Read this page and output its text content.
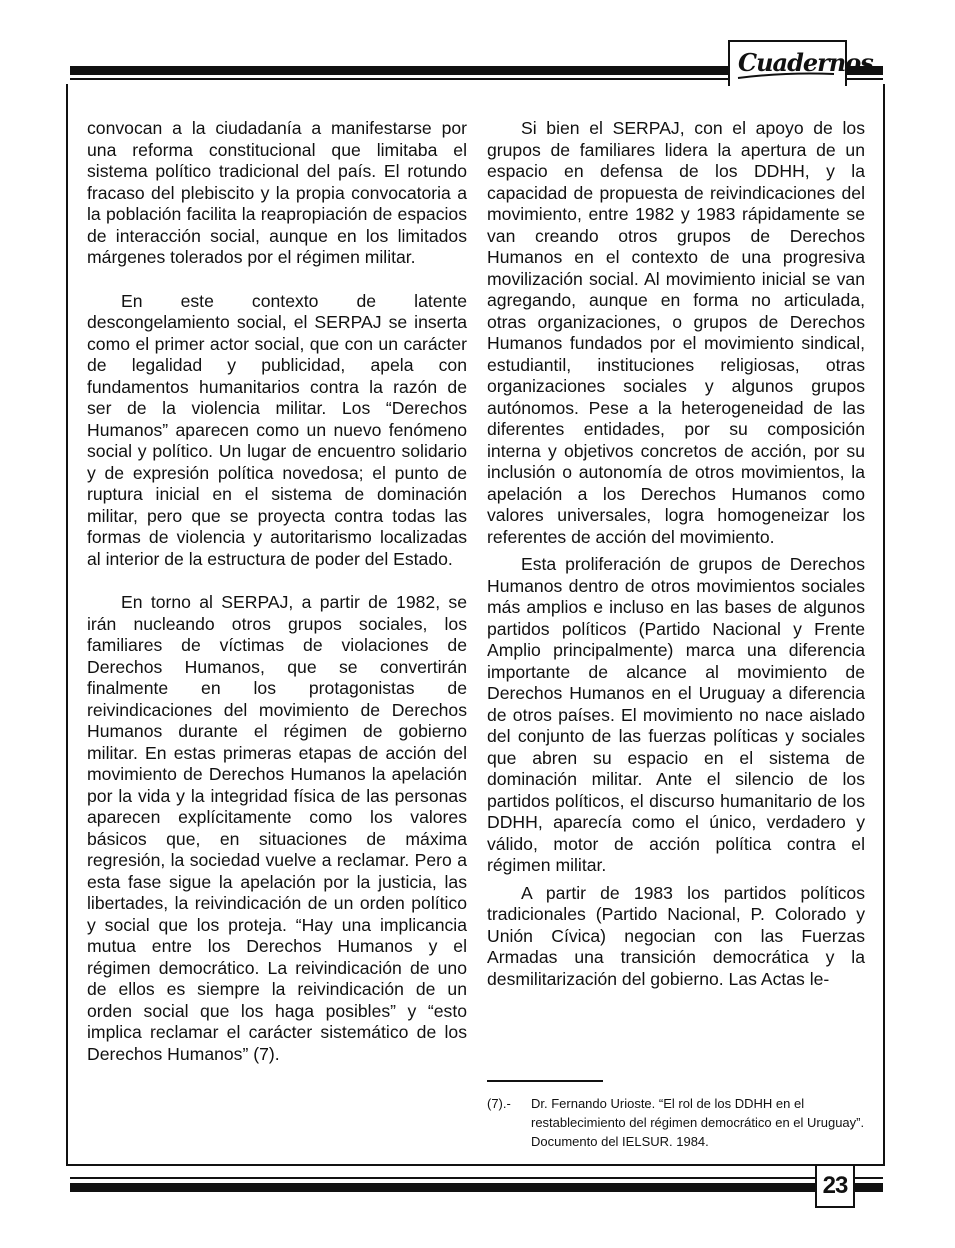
Cuadernos

convocan a la ciudadanía a manifestarse por una reforma constitucional que limitaba el sistema político tradicional del país. El rotundo fracaso del plebiscito y la propia convocatoria a la población facilita la reapropiación de espacios de interacción social, aunque en los limitados márgenes tolerados por el régimen militar.

En este contexto de latente descongelamiento social, el SERPAJ se inserta como el primer actor social, que con un carácter de legalidad y publicidad, apela con fundamentos humanitarios contra la razón de ser de la violencia militar. Los “Derechos Humanos” aparecen como un nuevo fenómeno social y político. Un lugar de encuentro solidario y de expresión política novedosa; el punto de ruptura inicial en el sistema de dominación militar, pero que se proyecta contra todas las formas de violencia y autoritarismo localizadas al interior de la estructura de poder del Estado.

En torno al SERPAJ, a partir de 1982, se irán nucleando otros grupos sociales, los familiares de víctimas de violaciones de Derechos Humanos, que se convertirán finalmente en los protagonistas de reivindicaciones del movimiento de Derechos Humanos durante el régimen de gobierno militar. En estas primeras etapas de acción del movimiento de Derechos Humanos la apelación por la vida y la integridad física de las personas aparecen explícitamente como los valores básicos que, en situaciones de máxima regresión, la sociedad vuelve a reclamar. Pero a esta fase sigue la apelación por la justicia, las libertades, la reivindicación de un orden político y social que los proteja. “Hay una implicancia mutua entre los Derechos Humanos y el régimen democrático. La reivindicación de uno de ellos es siempre la reivindicación de un orden social que los haga posibles” y “esto implica reclamar el carácter sistemático de los Derechos Humanos” (7).

Si bien el SERPAJ, con el apoyo de los grupos de familiares lidera la apertura de un espacio en defensa de los DDHH, y la capacidad de propuesta de reivindicaciones del movimiento, entre 1982 y 1983 rápidamente se van creando otros grupos de Derechos Humanos en el contexto de una progresiva movilización social. Al movimiento inicial se van agregando, aunque en forma no articulada, otras organizaciones, o grupos de Derechos Humanos fundados por el movimiento sindical, estudiantil, instituciones religiosas, otras organizaciones sociales y algunos grupos autónomos. Pese a la heterogeneidad de las diferentes entidades, por su composición interna y objetivos concretos de acción, por su inclusión o autonomía de otros movimientos, la apelación a los Derechos Humanos como valores universales, logra homogeneizar los referentes de acción del movimiento.

Esta proliferación de grupos de Derechos Humanos dentro de otros movimientos sociales más amplios e incluso en las bases de algunos partidos políticos (Partido Nacional y Frente Amplio principalmente) marca una diferencia importante de alcance al movimiento de Derechos Humanos en el Uruguay a diferencia de otros países. El movimiento no nace aislado del conjunto de las fuerzas políticas y sociales que abren su espacio en el sistema de dominación militar. Ante el silencio de los partidos políticos, el discurso humanitario de los DDHH, aparecía como el único, verdadero y válido, motor de acción política contra el régimen militar.

A partir de 1983 los partidos políticos tradicionales (Partido Nacional, P. Colorado y Unión Cívica) negocian con las Fuerzas Armadas una transición democrática y la desmilitarización del gobierno. Las Actas le-

(7).- Dr. Fernando Urioste. “El rol de los DDHH en el restablecimiento del régimen democrático en el Uruguay”. Documento del IELSUR. 1984.
23
